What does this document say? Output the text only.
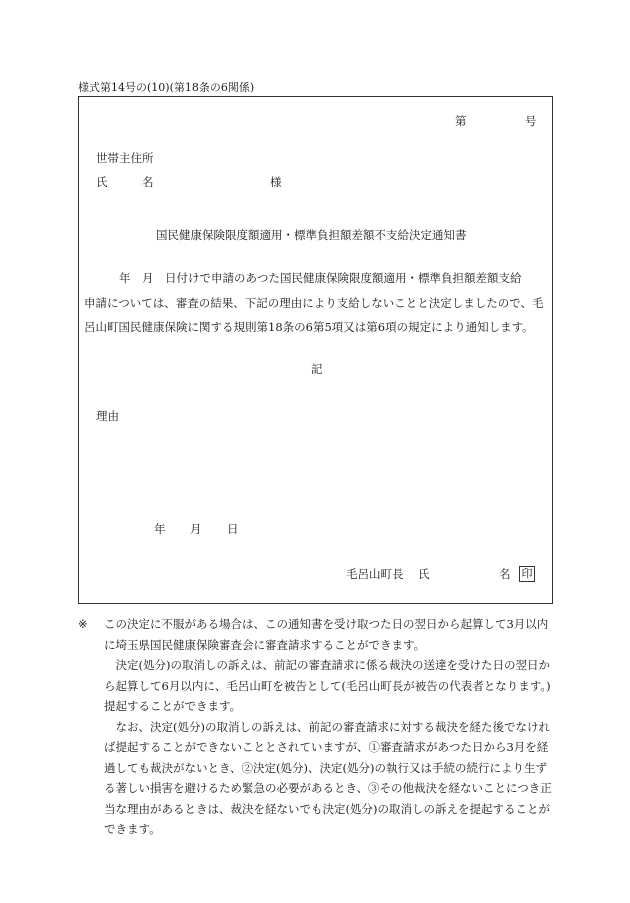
様式第14号の(10)(第18条の6関係)
第	号
世帯主住所
氏	名	様
国民健康保険限度額適用・標準負担額差額不支給決定通知書
年　月　日付けで申請のあつた国民健康保険限度額適用・標準負担額差額支給
申請については、審査の結果、下記の理由により支給しないことと決定しましたので、毛
呂山町国民健康保険に関する規則第18条の6第5項又は第6項の規定により通知します。
記
理由
年 月 日
毛呂山町長 氏	名 印
※	この決定に不服がある場合は、この通知書を受け取つた日の翌日から起算して3月以内に埼玉県国民健康保険審査会に審査請求することができます。
決定(処分)の取消しの訴えは、前記の審査請求に係る裁決の送達を受けた日の翌日から起算して6月以内に、毛呂山町を被告として(毛呂山町長が被告の代表者となります。)提起することができます。
なお、決定(処分)の取消しの訴えは、前記の審査請求に対する裁決を経た後でなければ提起することができないこととされていますが、①審査請求があつた日から3月を経過しても裁決がないとき、②決定(処分)、決定(処分)の執行又は手続の続行により生ずる著しい損害を避けるため緊急の必要があるとき、③その他裁決を経ないことにつき正当な理由があるときは、裁決を経ないでも決定(処分)の取消しの訴えを提起することができます。
